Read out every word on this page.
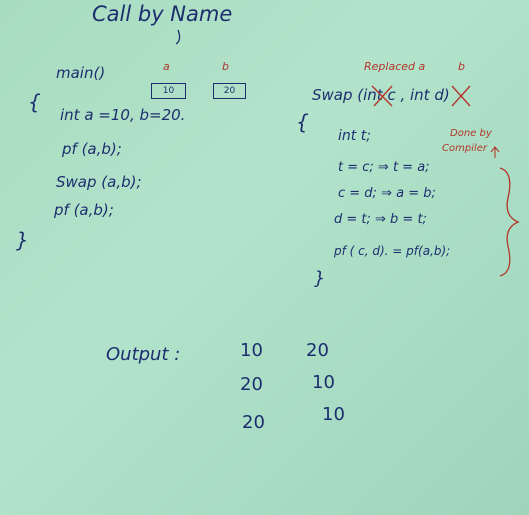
Call by Name
main()	a	b
10	20
{
int a =10, b=20.
pf (a,b);
Swap (a,b);
pf (a,b);
}
Replaced a	b
Swap (int c , int d)
{
int t;	Done by
Compiler
t = c; ⇒ t = a;
c = d; ⇒ a = b;
d = t; ⇒ b = t;
pf ( c, d). = pf(a,b);
}
Output :	10 20
20	10
20	10
